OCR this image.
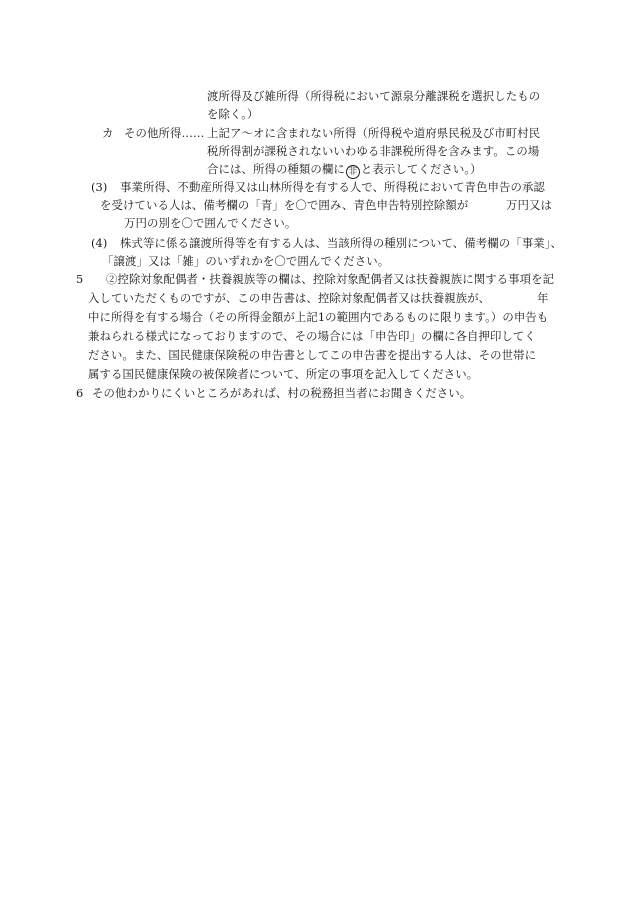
渡所得及び雑所得（所得税において源泉分離課税を選択したもの
を除く。）
カ その他所得…… 上記ア〜オに含まれない所得（所得税や道府県民税及び市町村民
税所得割が課税されないいわゆる非課税所得を含みます。この場
合には、所得の種類の欄に 非 と表示してください。）
(3) 事業所得、不動産所得又は山林所得を有する人で、所得税において青色申告の承認
を受けている人は、備考欄の「青」を〇で囲み、青色申告特別控除額が	万円又は
万円の別を〇で囲んでください。
(4) 株式等に係る譲渡所得等を有する人は、当該所得の種別について、備考欄の「事業」、
「譲渡」又は「雑」のいずれかを〇で囲んでください。
5 ②控除対象配偶者・扶養親族等の欄は、控除対象配偶者又は扶養親族に関する事項を記
入していただくものですが、この申告書は、控除対象配偶者又は扶養親族が、	年
中に所得を有する場合（その所得金額が上記1の範囲内であるものに限ります。）の申告も
兼ねられる様式になっておりますので、その場合には「申告印」の欄に各自押印してく
ださい。また、国民健康保険税の申告書としてこの申告書を提出する人は、その世帯に
属する国民健康保険の被保険者について、所定の事項を記入してください。
6 その他わかりにくいところがあれば、村の税務担当者にお聞きください。
